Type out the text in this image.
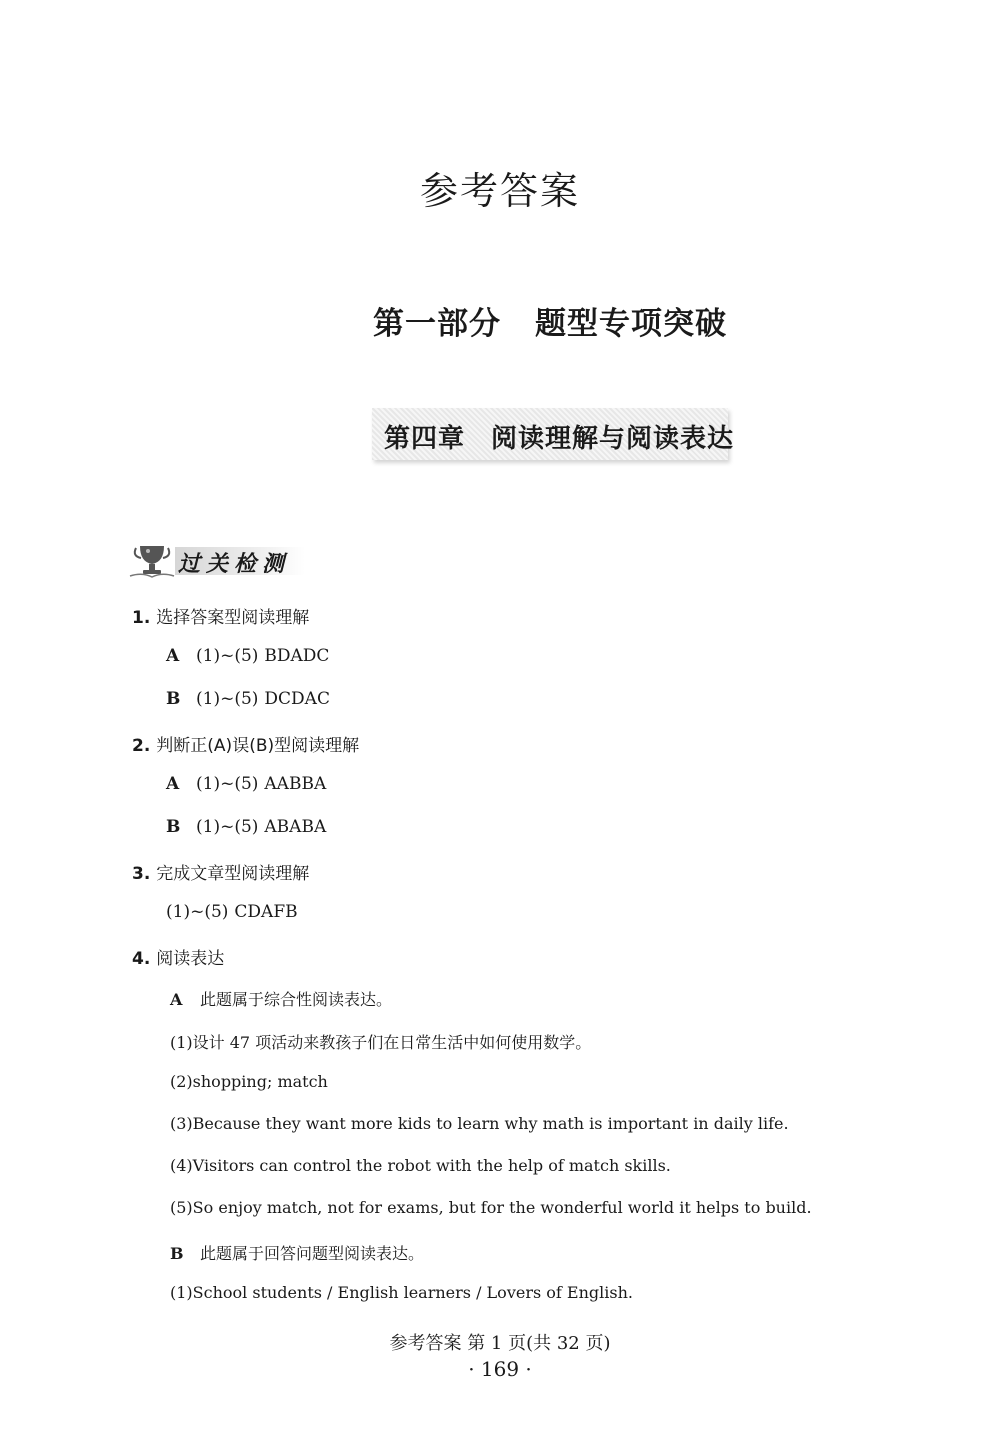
参考答案
第一部分 题型专项突破
第四章 阅读理解与阅读表达
过关检测
1. 选择答案型阅读理解
A (1)~(5) BDADC
B (1)~(5) DCDAC
2. 判断正(A)误(B)型阅读理解
A (1)~(5) AABBA
B (1)~(5) ABABA
3. 完成文章型阅读理解
(1)~(5) CDAFB
4. 阅读表达
A 此题属于综合性阅读表达。
(1)设计 47 项活动来教孩子们在日常生活中如何使用数学。
(2)shopping; match
(3)Because they want more kids to learn why math is important in daily life.
(4)Visitors can control the robot with the help of match skills.
(5)So enjoy match, not for exams, but for the wonderful world it helps to build.
B 此题属于回答问题型阅读表达。
(1)School students / English learners / Lovers of English.
参考答案 第 1 页(共 32 页)
· 169 ·
